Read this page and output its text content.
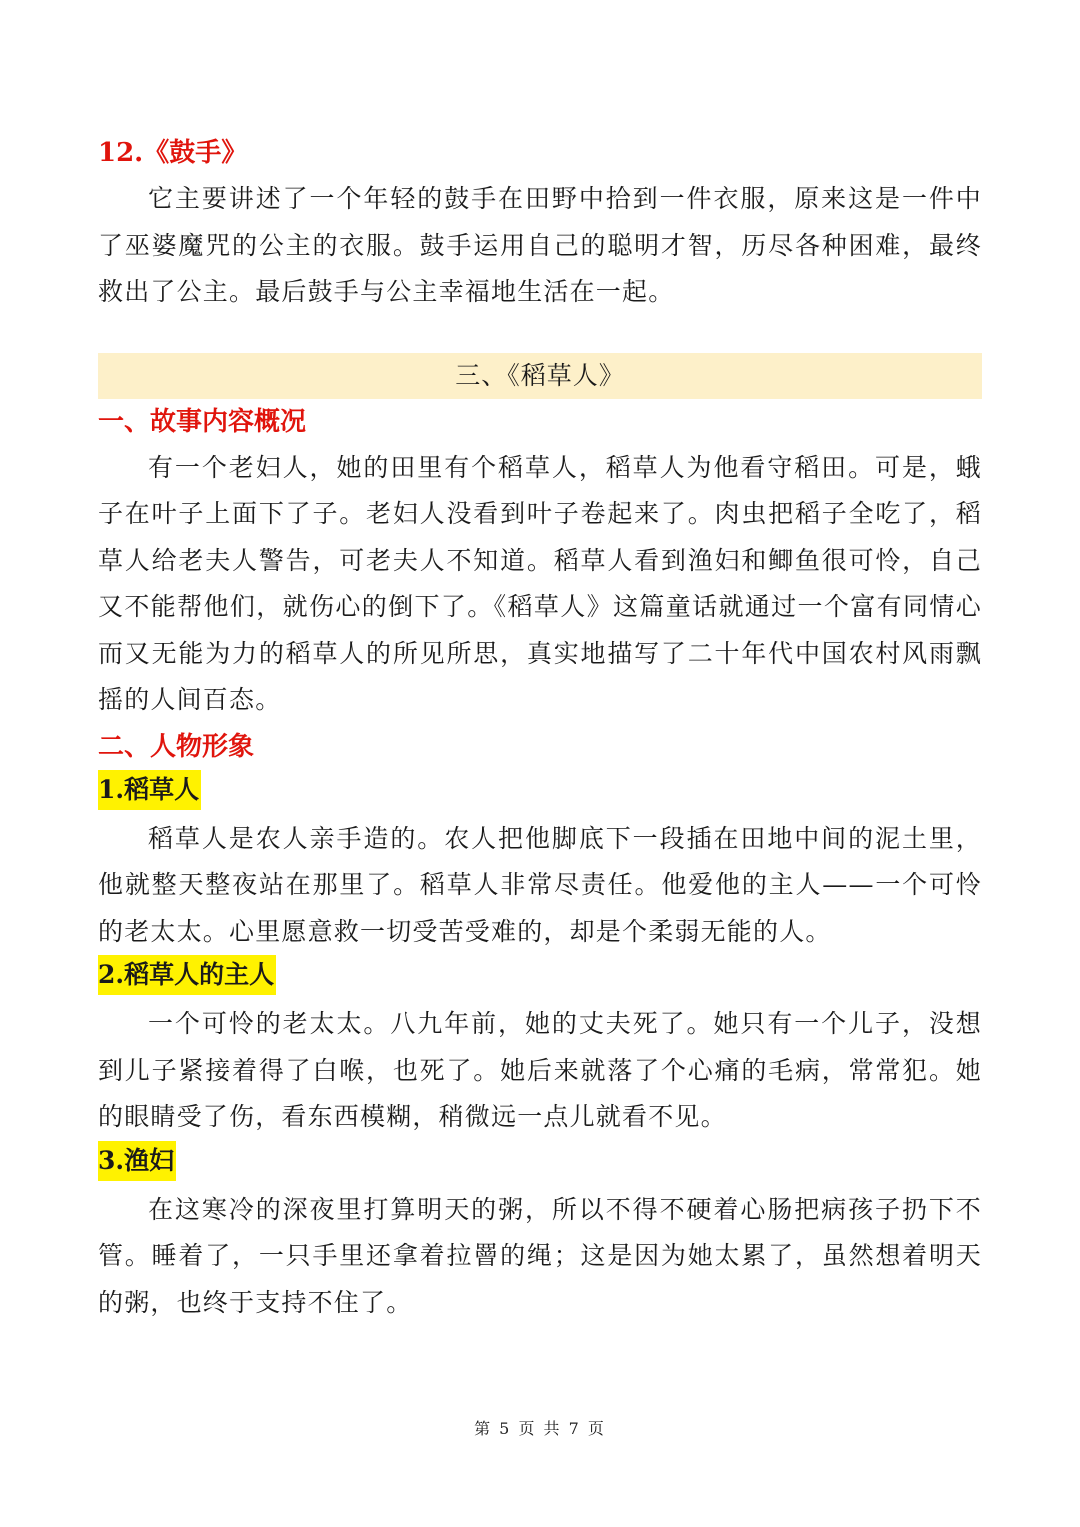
12.《鼓手》

它主要讲述了一个年轻的鼓手在田野中拾到一件衣服，原来这是一件中了巫婆魔咒的公主的衣服。鼓手运用自己的聪明才智，历尽各种困难，最终救出了公主。最后鼓手与公主幸福地生活在一起。

三、《稻草人》
一、故事内容概况

有一个老妇人，她的田里有个稻草人，稻草人为他看守稻田。可是，蛾子在叶子上面下了子。老妇人没看到叶子卷起来了。肉虫把稻子全吃了，稻草人给老夫人警告，可老夫人不知道。稻草人看到渔妇和鲫鱼很可怜，自己又不能帮他们，就伤心的倒下了。《稻草人》这篇童话就通过一个富有同情心而又无能为力的稻草人的所见所思，真实地描写了二十年代中国农村风雨飘摇的人间百态。

二、人物形象
1.稻草人

稻草人是农人亲手造的。农人把他脚底下一段插在田地中间的泥土里，他就整天整夜站在那里了。稻草人非常尽责任。他爱他的主人——一个可怜的老太太。心里愿意救一切受苦受难的，却是个柔弱无能的人。

2.稻草人的主人

一个可怜的老太太。八九年前，她的丈夫死了。她只有一个儿子，没想到儿子紧接着得了白喉，也死了。她后来就落了个心痛的毛病，常常犯。她的眼睛受了伤，看东西模糊，稍微远一点儿就看不见。

3.渔妇

在这寒冷的深夜里打算明天的粥，所以不得不硬着心肠把病孩子扔下不管。睡着了，一只手里还拿着拉罾的绳；这是因为她太累了，虽然想着明天的粥，也终于支持不住了。

第 5 页 共 7 页
